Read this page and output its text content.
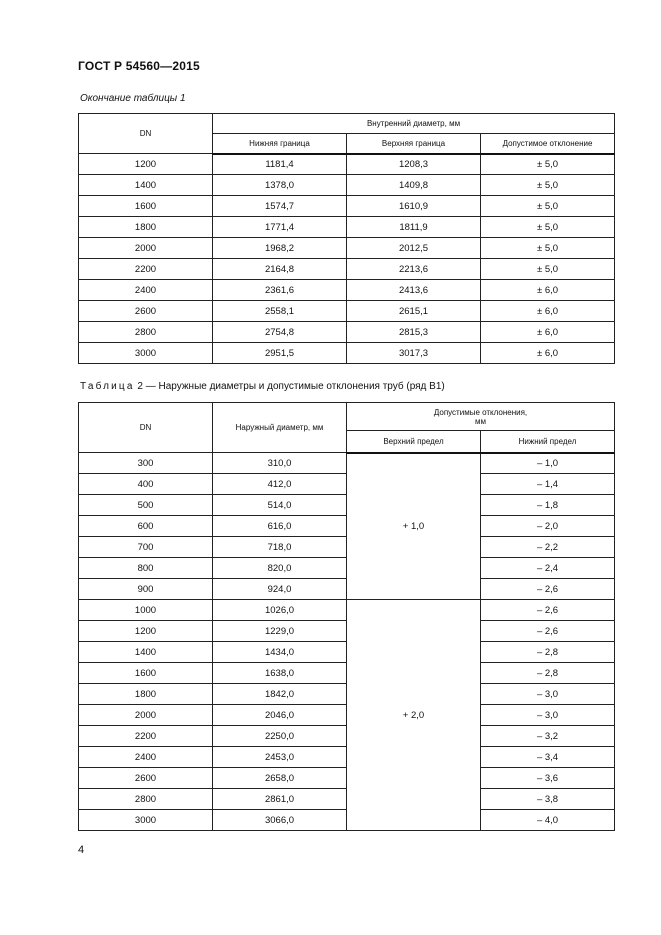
ГОСТ Р 54560—2015
Окончание таблицы 1
DN	Внутренний диаметр, мм		
	Нижняя граница	Верхняя граница	Допустимое отклонение
1200	1181,4	1208,3	± 5,0
1400	1378,0	1409,8	± 5,0
1600	1574,7	1610,9	± 5,0
1800	1771,4	1811,9	± 5,0
2000	1968,2	2012,5	± 5,0
2200	2164,8	2213,6	± 5,0
2400	2361,6	2413,6	± 6,0
2600	2558,1	2615,1	± 6,0
2800	2754,8	2815,3	± 6,0
3000	2951,5	3017,3	± 6,0
Таблица 2 — Наружные диаметры и допустимые отклонения труб (ряд В1)
DN	Наружный диаметр, мм	Допустимые отклонения,
мм	
		Верхний предел	Нижний предел
300	310,0	+ 1,0	– 1,0
400	412,0		– 1,4
500	514,0		– 1,8
600	616,0		– 2,0
700	718,0		– 2,2
800	820,0		– 2,4
900	924,0		– 2,6
1000	1026,0	+ 2,0	– 2,6
1200	1229,0		– 2,6
1400	1434,0		– 2,8
1600	1638,0		– 2,8
1800	1842,0		– 3,0
2000	2046,0		– 3,0
2200	2250,0		– 3,2
2400	2453,0		– 3,4
2600	2658,0		– 3,6
2800	2861,0		– 3,8
3000	3066,0		– 4,0
4
